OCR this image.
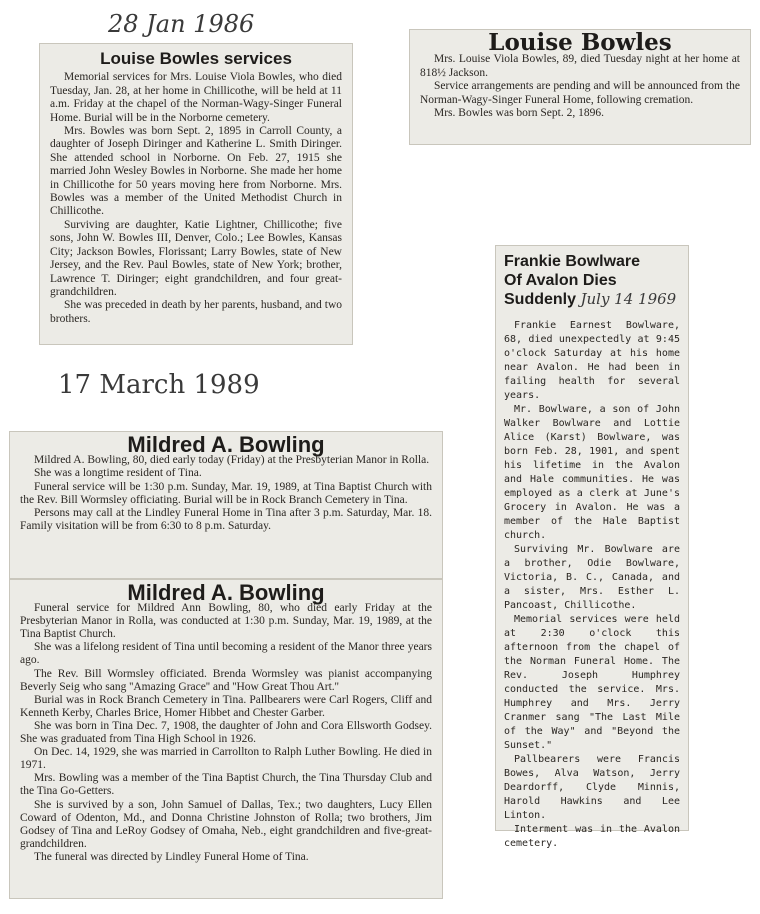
28 Jan 1986
Louise Bowles services

Memorial services for Mrs. Louise Viola Bowles, who died Tuesday, Jan. 28, at her home in Chillicothe, will be held at 11 a.m. Friday at the chapel of the Norman-Wagy-Singer Funeral Home. Burial will be in the Norborne cemetery.

Mrs. Bowles was born Sept. 2, 1895 in Carroll County, a daughter of Joseph Diringer and Katherine L. Smith Diringer. She attended school in Norborne. On Feb. 27, 1915 she married John Wesley Bowles in Norborne. She made her home in Chillicothe for 50 years moving here from Norborne. Mrs. Bowles was a member of the United Methodist Church in Chillicothe.

Surviving are daughter, Katie Lightner, Chillicothe; five sons, John W. Bowles III, Denver, Colo.; Lee Bowles, Kansas City; Jackson Bowles, Florissant; Larry Bowles, state of New Jersey, and the Rev. Paul Bowles, state of New York; brother, Lawrence T. Diringer; eight grandchildren, and four great-grandchildren.

She was preceded in death by her parents, husband, and two brothers.

Louise Bowles

Mrs. Louise Viola Bowles, 89, died Tuesday night at her home at 818½ Jackson.

Service arrangements are pending and will be announced from the Norman-Wagy-Singer Funeral Home, following cremation.

Mrs. Bowles was born Sept. 2, 1896.

17 March 1989
Mildred A. Bowling

Mildred A. Bowling, 80, died early today (Friday) at the Presbyterian Manor in Rolla.

She was a longtime resident of Tina.

Funeral service will be 1:30 p.m. Sunday, Mar. 19, 1989, at Tina Baptist Church with the Rev. Bill Wormsley officiating. Burial will be in Rock Branch Cemetery in Tina.

Persons may call at the Lindley Funeral Home in Tina after 3 p.m. Saturday, Mar. 18. Family visitation will be from 6:30 to 8 p.m. Saturday.

Mildred A. Bowling

Funeral service for Mildred Ann Bowling, 80, who died early Friday at the Presbyterian Manor in Rolla, was conducted at 1:30 p.m. Sunday, Mar. 19, 1989, at the Tina Baptist Church.

She was a lifelong resident of Tina until becoming a resident of the Manor three years ago.

The Rev. Bill Wormsley officiated. Brenda Wormsley was pianist accompanying Beverly Seig who sang ''Amazing Grace'' and ''How Great Thou Art.''

Burial was in Rock Branch Cemetery in Tina. Pallbearers were Carl Rogers, Cliff and Kenneth Kerby, Charles Brice, Homer Hibbet and Chester Garber.

She was born in Tina Dec. 7, 1908, the daughter of John and Cora Ellsworth Godsey. She was graduated from Tina High School in 1926.

On Dec. 14, 1929, she was married in Carrollton to Ralph Luther Bowling. He died in 1971.

Mrs. Bowling was a member of the Tina Baptist Church, the Tina Thursday Club and the Tina Go-Getters.

She is survived by a son, John Samuel of Dallas, Tex.; two daughters, Lucy Ellen Coward of Odenton, Md., and Donna Christine Johnston of Rolla; two brothers, Jim Godsey of Tina and LeRoy Godsey of Omaha, Neb., eight grandchildren and five-great-grandchildren.

The funeral was directed by Lindley Funeral Home of Tina.

Frankie Bowlware
Of Avalon Dies
Suddenly July 14 1969

Frankie Earnest Bowlware, 68, died unexpectedly at 9:45 o'clock Saturday at his home near Avalon. He had been in failing health for several years.

Mr. Bowlware, a son of John Walker Bowlware and Lottie Alice (Karst) Bowlware, was born Feb. 28, 1901, and spent his lifetime in the Avalon and Hale communities. He was employed as a clerk at June's Grocery in Avalon. He was a member of the Hale Baptist church.

Surviving Mr. Bowlware are a brother, Odie Bowlware, Victoria, B. C., Canada, and a sister, Mrs. Esther L. Pancoast, Chillicothe.

Memorial services were held at 2:30 o'clock this afternoon from the chapel of the Norman Funeral Home. The Rev. Joseph Humphrey conducted the service. Mrs. Humphrey and Mrs. Jerry Cranmer sang "The Last Mile of the Way" and "Beyond the Sunset."

Pallbearers were Francis Bowes, Alva Watson, Jerry Deardorff, Clyde Minnis, Harold Hawkins and Lee Linton.

Interment was in the Avalon cemetery.
